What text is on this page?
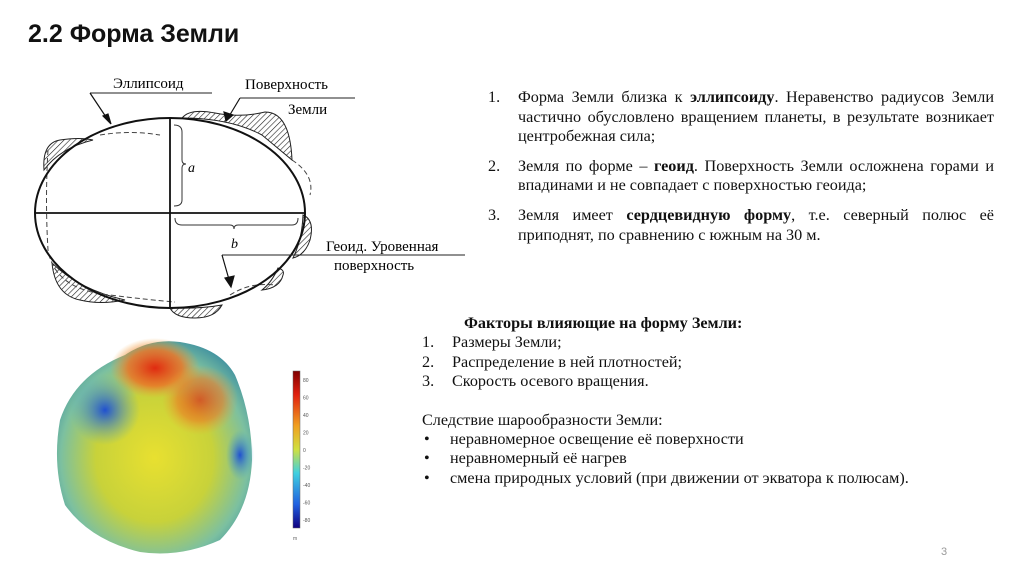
2.2 Форма Земли
a
b
Эллипсоид	Поверхность
Земли
Геоид. Уровенная
поверхность
80
60
40
20
0
-20
-40
-60
-80
m
1.	Форма Земли близка к эллипсоиду. Неравенство радиусов Земли частично обусловлено вращением планеты, в результате возникает центробежная сила;
2.	Земля по форме – геоид. Поверхность Земли осложнена горами и впадинами и не совпадает с поверхностью геоида;
3.	Земля имеет сердцевидную форму, т.е. северный полюс её приподнят, по сравнению с южным на 30 м.
Факторы влияющие на форму Земли:
1.	Размеры Земли;
2.	Распределение в ней плотностей;
3.	Скорость осевого вращения.
Следствие шарообразности Земли:
•	неравномерное освещение её поверхности
•	неравномерный её нагрев
•	смена природных условий (при движении от экватора к полюсам).
3
